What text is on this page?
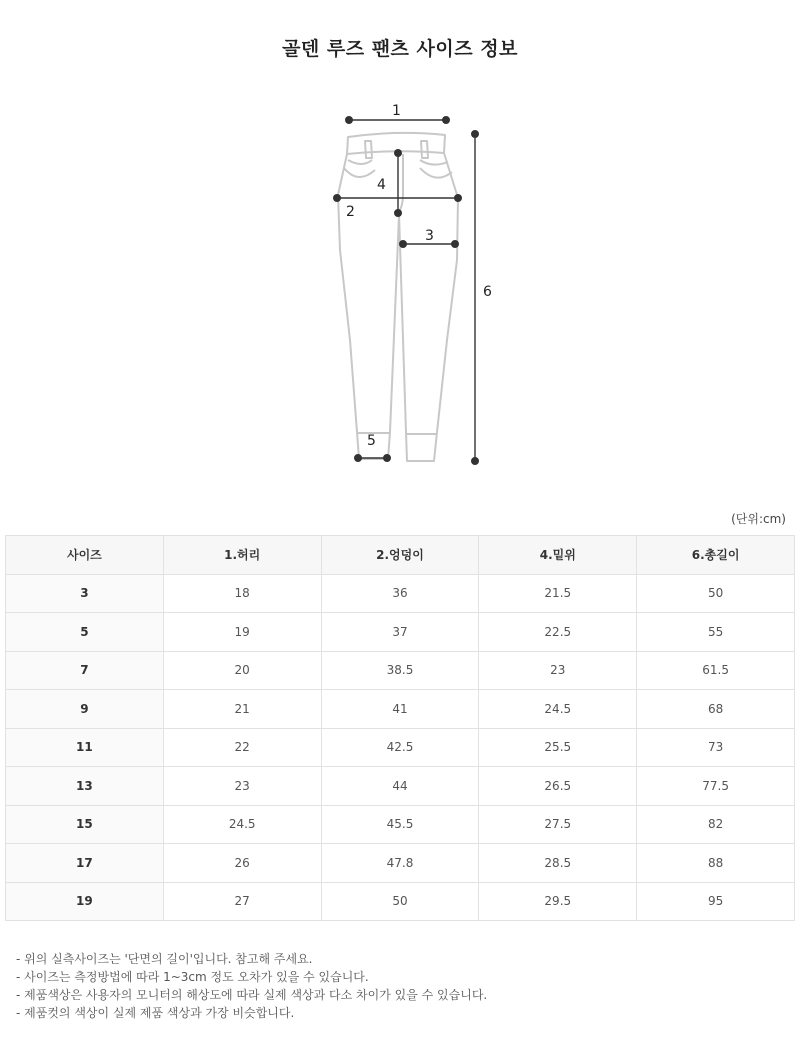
골덴 루즈 팬츠 사이즈 정보
1
2
3
4
5
6
(단위:cm)
사이즈	1.허리	2.엉덩이	4.밑위	6.총길이
3	18	36	21.5	50
5	19	37	22.5	55
7	20	38.5	23	61.5
9	21	41	24.5	68
11	22	42.5	25.5	73
13	23	44	26.5	77.5
15	24.5	45.5	27.5	82
17	26	47.8	28.5	88
19	27	50	29.5	95
- 위의 실측사이즈는 '단면의 길이'입니다. 참고해 주세요.
- 사이즈는 측정방법에 따라 1~3cm 정도 오차가 있을 수 있습니다.
- 제품색상은 사용자의 모니터의 해상도에 따라 실제 색상과 다소 차이가 있을 수 있습니다.
- 제품컷의 색상이 실제 제품 색상과 가장 비슷합니다.
